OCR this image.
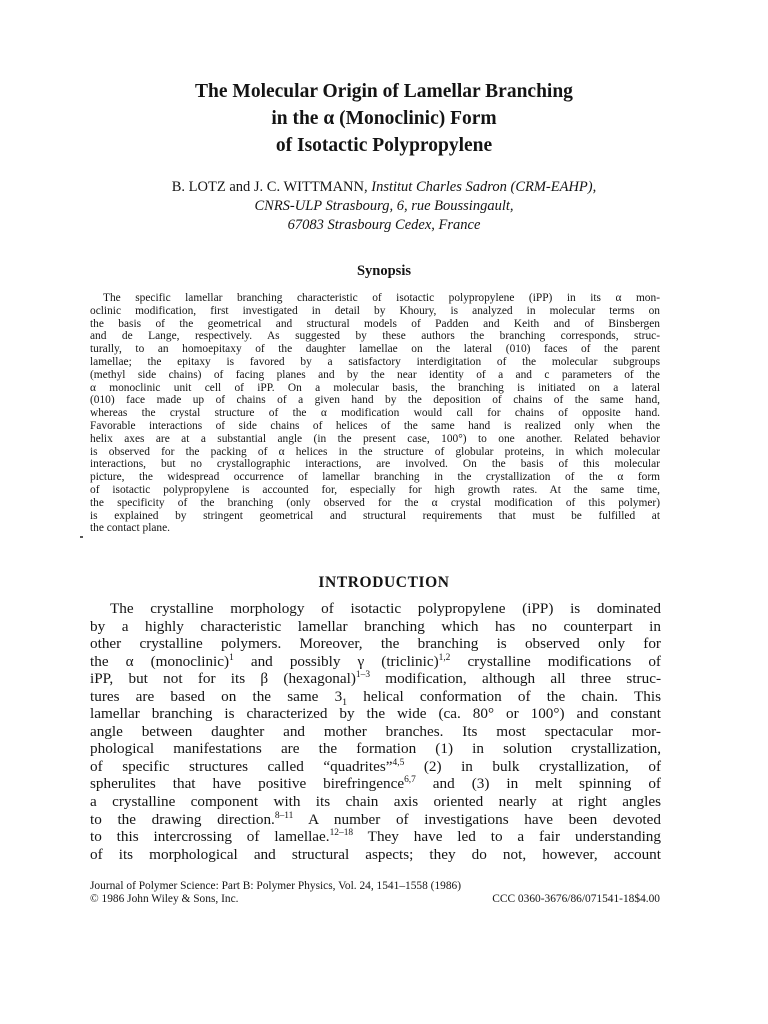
The Molecular Origin of Lamellar Branching
in the α (Monoclinic) Form
of Isotactic Polypropylene
B. LOTZ and J. C. WITTMANN, Institut Charles Sadron (CRM-EAHP),
CNRS-ULP Strasbourg, 6, rue Boussingault,
67083 Strasbourg Cedex, France
Synopsis
The specific lamellar branching characteristic of isotactic polypropylene (iPP) in its α mon-
oclinic modification, first investigated in detail by Khoury, is analyzed in molecular terms on
the basis of the geometrical and structural models of Padden and Keith and of Binsbergen
and de Lange, respectively. As suggested by these authors the branching corresponds, struc-
turally, to an homoepitaxy of the daughter lamellae on the lateral (010) faces of the parent
lamellae; the epitaxy is favored by a satisfactory interdigitation of the molecular subgroups
(methyl side chains) of facing planes and by the near identity of a and c parameters of the
α monoclinic unit cell of iPP. On a molecular basis, the branching is initiated on a lateral
(010) face made up of chains of a given hand by the deposition of chains of the same hand,
whereas the crystal structure of the α modification would call for chains of opposite hand.
Favorable interactions of side chains of helices of the same hand is realized only when the
helix axes are at a substantial angle (in the present case, 100°) to one another. Related behavior
is observed for the packing of α helices in the structure of globular proteins, in which molecular
interactions, but no crystallographic interactions, are involved. On the basis of this molecular
picture, the widespread occurrence of lamellar branching in the crystallization of the α form
of isotactic polypropylene is accounted for, especially for high growth rates. At the same time,
the specificity of the branching (only observed for the α crystal modification of this polymer)
is explained by stringent geometrical and structural requirements that must be fulfilled at
the contact plane.
INTRODUCTION
The crystalline morphology of isotactic polypropylene (iPP) is dominated
by a highly characteristic lamellar branching which has no counterpart in
other crystalline polymers. Moreover, the branching is observed only for
the α (monoclinic)$^1$ and possibly γ (triclinic)$^{1,2}$ crystalline modifications of
iPP, but not for its β (hexagonal)$^{1-3}$ modification, although all three struc-
tures are based on the same $3_1$ helical conformation of the chain. This
lamellar branching is characterized by the wide (ca. 80° or 100°) and constant
angle between daughter and mother branches. Its most spectacular mor-
phological manifestations are the formation (1) in solution crystallization,
of specific structures called “quadrites”$^{4,5}$ (2) in bulk crystallization, of
spherulites that have positive birefringence$^{6,7}$ and (3) in melt spinning of
a crystalline component with its chain axis oriented nearly at right angles
to the drawing direction.$^{8-11}$ A number of investigations have been devoted
to this intercrossing of lamellae.$^{12-18}$ They have led to a fair understanding
of its morphological and structural aspects; they do not, however, account
Journal of Polymer Science: Part B: Polymer Physics, Vol. 24, 1541–1558 (1986)
© 1986 John Wiley & Sons, Inc.	CCC 0360-3676/86/071541-18$4.00
